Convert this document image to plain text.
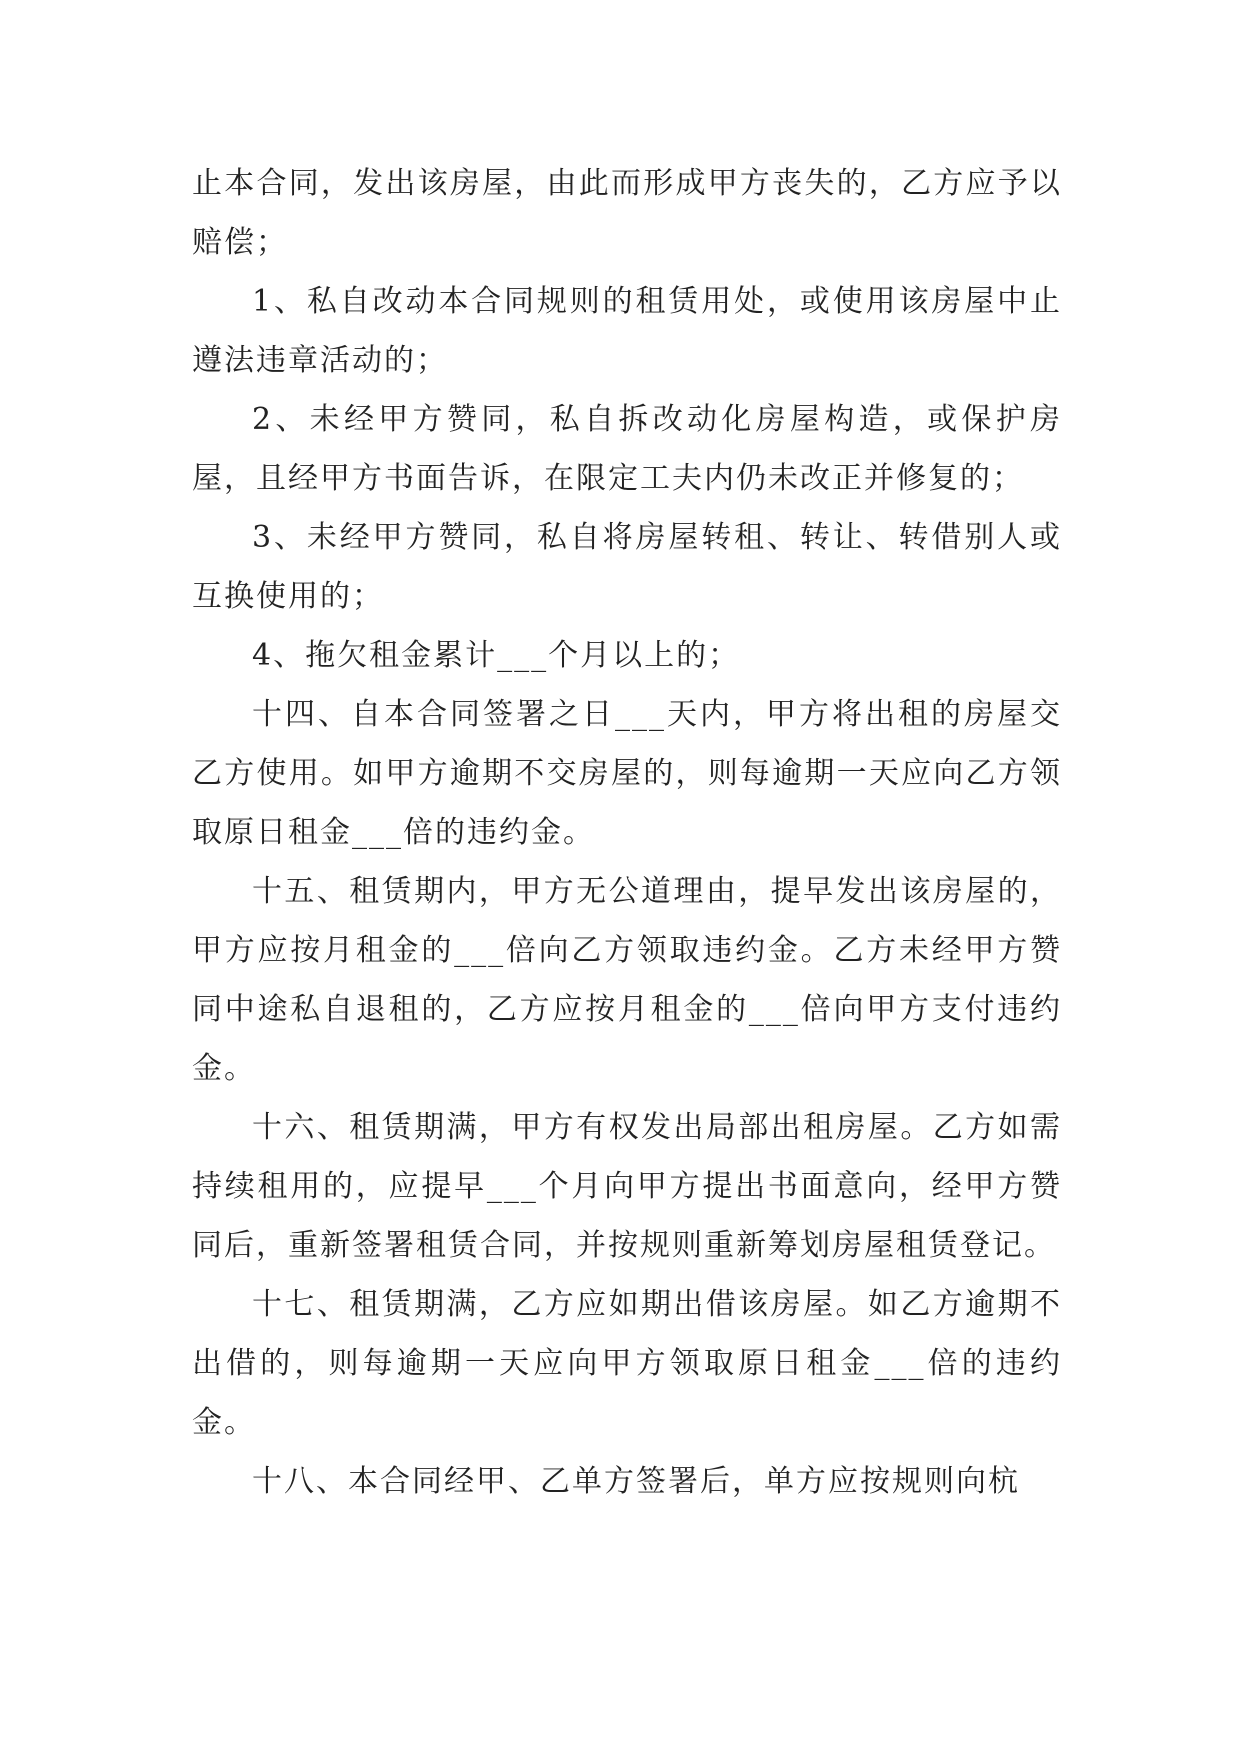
止本合同，发出该房屋，由此而形成甲方丧失的，乙方应予以赔偿；

1、私自改动本合同规则的租赁用处，或使用该房屋中止遵法违章活动的；

2、未经甲方赞同，私自拆改动化房屋构造，或保护房屋，且经甲方书面告诉，在限定工夫内仍未改正并修复的；

3、未经甲方赞同，私自将房屋转租、转让、转借别人或互换使用的；

4、拖欠租金累计___个月以上的；

十四、自本合同签署之日___天内，甲方将出租的房屋交乙方使用。如甲方逾期不交房屋的，则每逾期一天应向乙方领取原日租金___倍的违约金。

十五、租赁期内，甲方无公道理由，提早发出该房屋的，甲方应按月租金的___倍向乙方领取违约金。乙方未经甲方赞同中途私自退租的，乙方应按月租金的___倍向甲方支付违约金。

十六、租赁期满，甲方有权发出局部出租房屋。乙方如需持续租用的，应提早___个月向甲方提出书面意向，经甲方赞同后，重新签署租赁合同，并按规则重新筹划房屋租赁登记。

十七、租赁期满，乙方应如期出借该房屋。如乙方逾期不出借的，则每逾期一天应向甲方领取原日租金___倍的违约金。

十八、本合同经甲、乙单方签署后，单方应按规则向杭
